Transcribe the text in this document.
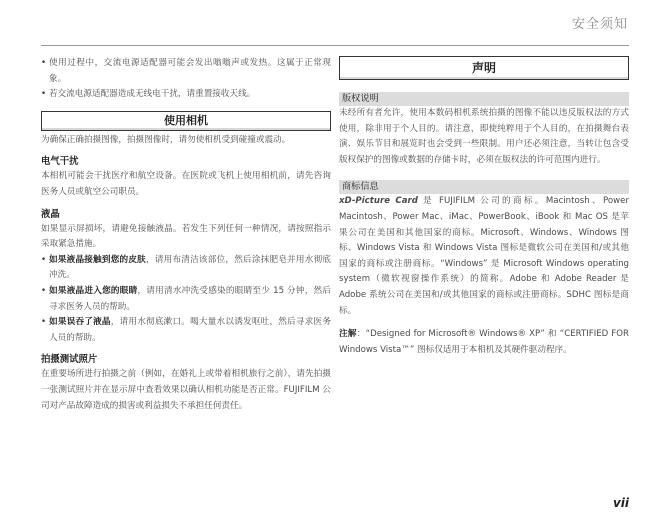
安全须知
• 使用过程中，交流电源适配器可能会发出嗡嗡声或发热。这属于正常现象。
• 若交流电源适配器造成无线电干扰，请重置接收天线。
使用相机

为确保正确拍摄图像，拍摄图像时，请勿使相机受到碰撞或震动。

电气干扰

本相机可能会干扰医疗和航空设备。在医院或飞机上使用相机前，请先咨询医务人员或航空公司职员。

液晶

如果显示屏损坏，请避免接触液晶。若发生下列任何一种情况，请按照指示采取紧急措施。

• 如果液晶接触到您的皮肤，请用布清洁该部位，然后涂抹肥皂并用水彻底冲洗。
• 如果液晶进入您的眼睛，请用清水冲洗受感染的眼睛至少 15 分钟，然后寻求医务人员的帮助。
• 如果误吞了液晶，请用水彻底漱口。喝大量水以诱发呕吐，然后寻求医务人员的帮助。
拍摄测试照片

在重要场所进行拍摄之前（例如，在婚礼上或带着相机旅行之前），请先拍摄一张测试照片并在显示屏中查看效果以确认相机功能是否正常。FUJIFILM 公司对产品故障造成的损害或利益损失不承担任何责任。

声明
版权说明

未经所有者允许，使用本数码相机系统拍摄的图像不能以违反版权法的方式使用，除非用于个人目的。请注意，即使纯粹用于个人目的，在拍摄舞台表演、娱乐节目和展览时也会受到一些限制。用户还必须注意，当转让包含受版权保护的图像或数据的存储卡时，必须在版权法的许可范围内进行。

商标信息

xD-Picture Card 是 FUJIFILM 公司的商标。Macintosh、Power Macintosh、Power Mac、iMac、PowerBook、iBook 和 Mac OS 是苹果公司在美国和其他国家的商标。Microsoft、Windows、Windows 图标、Windows Vista 和 Windows Vista 图标是微软公司在美国和/或其他国家的商标或注册商标。“Windows” 是 Microsoft Windows operating system（微软视窗操作系统）的简称。Adobe 和 Adobe Reader 是 Adobe 系统公司在美国和/或其他国家的商标或注册商标。SDHC 图标是商标。

注解：“Designed for Microsoft® Windows® XP” 和 “CERTIFIED FOR Windows Vista™” 图标仅适用于本相机及其硬件驱动程序。

vii
